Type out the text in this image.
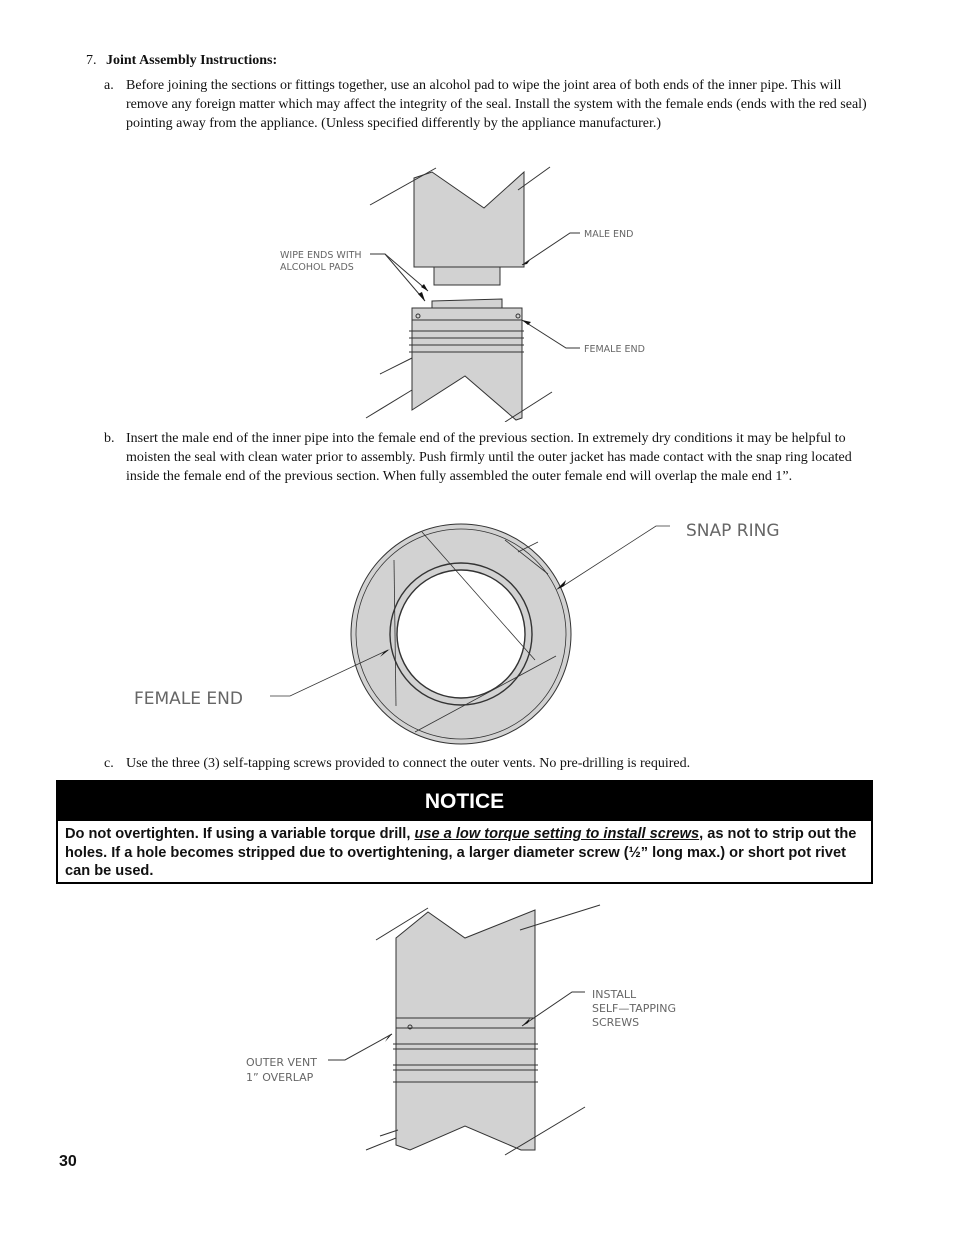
7. Joint Assembly Instructions:
a. Before joining the sections or fittings together, use an alcohol pad to wipe the joint area of both ends of the inner pipe. This will remove any foreign matter which may affect the integrity of the seal. Install the system with the female ends (ends with the red seal) pointing away from the appliance. (Unless specified differently by the appliance manufacturer.)
WIPE ENDS WITH
ALCOHOL PADS
MALE END
FEMALE END
b. Insert the male end of the inner pipe into the female end of the previous section. In extremely dry conditions it may be helpful to moisten the seal with clean water prior to assembly. Push firmly until the outer jacket has made contact with the snap ring located inside the female end of the previous section. When fully assembled the outer female end will overlap the male end 1”.
SNAP RING
FEMALE END
c. Use the three (3) self-tapping screws provided to connect the outer vents. No pre-drilling is required.
NOTICE
Do not overtighten. If using a variable torque drill, use a low torque setting to install screws, as not to strip out the holes. If a hole becomes stripped due to overtightening, a larger diameter screw (½” long max.) or short pot rivet can be used.
INSTALL
SELF—TAPPING
SCREWS
OUTER VENT
1” OVERLAP
30
